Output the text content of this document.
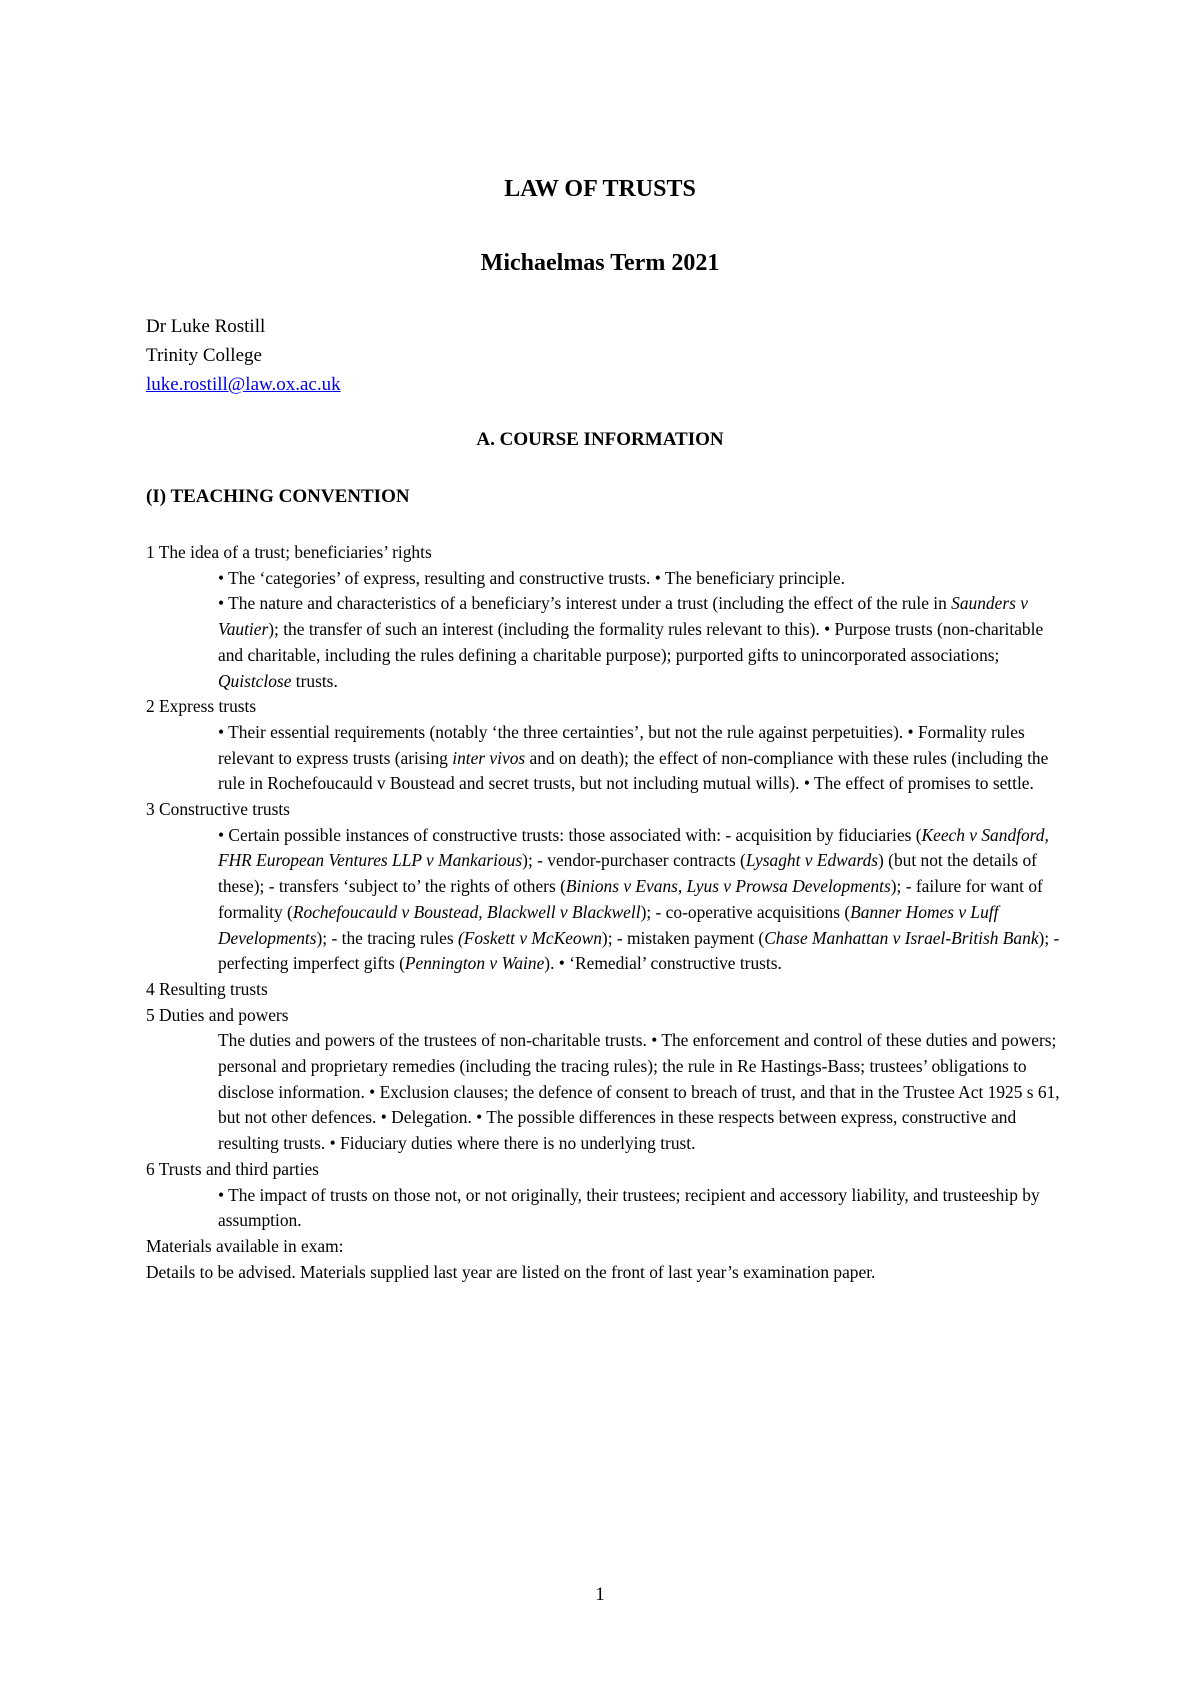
LAW OF TRUSTS
Michaelmas Term 2021
Dr Luke Rostill
Trinity College
luke.rostill@law.ox.ac.uk
A. COURSE INFORMATION
(I) TEACHING CONVENTION
1 The idea of a trust; beneficiaries’ rights
• The ‘categories’ of express, resulting and constructive trusts. • The beneficiary principle.
• The nature and characteristics of a beneficiary’s interest under a trust (including the effect of the rule in Saunders v Vautier); the transfer of such an interest (including the formality rules relevant to this). • Purpose trusts (non-charitable and charitable, including the rules defining a charitable purpose); purported gifts to unincorporated associations; Quistclose trusts.
2 Express trusts
• Their essential requirements (notably ‘the three certainties’, but not the rule against perpetuities). • Formality rules relevant to express trusts (arising inter vivos and on death); the effect of non-compliance with these rules (including the rule in Rochefoucauld v Boustead and secret trusts, but not including mutual wills). • The effect of promises to settle.
3 Constructive trusts
• Certain possible instances of constructive trusts: those associated with: - acquisition by fiduciaries (Keech v Sandford, FHR European Ventures LLP v Mankarious); - vendor-purchaser contracts (Lysaght v Edwards) (but not the details of these); - transfers ‘subject to’ the rights of others (Binions v Evans, Lyus v Prowsa Developments); - failure for want of formality (Rochefoucauld v Boustead, Blackwell v Blackwell); - co-operative acquisitions (Banner Homes v Luff Developments); - the tracing rules (Foskett v McKeown); - mistaken payment (Chase Manhattan v Israel-British Bank); -perfecting imperfect gifts (Pennington v Waine). • ‘Remedial’ constructive trusts.
4 Resulting trusts
5 Duties and powers
The duties and powers of the trustees of non-charitable trusts. • The enforcement and control of these duties and powers; personal and proprietary remedies (including the tracing rules); the rule in Re Hastings-Bass; trustees’ obligations to disclose information. • Exclusion clauses; the defence of consent to breach of trust, and that in the Trustee Act 1925 s 61, but not other defences. • Delegation. • The possible differences in these respects between express, constructive and resulting trusts. • Fiduciary duties where there is no underlying trust.
6 Trusts and third parties
• The impact of trusts on those not, or not originally, their trustees; recipient and accessory liability, and trusteeship by assumption.
Materials available in exam:
Details to be advised. Materials supplied last year are listed on the front of last year’s examination paper.
1
